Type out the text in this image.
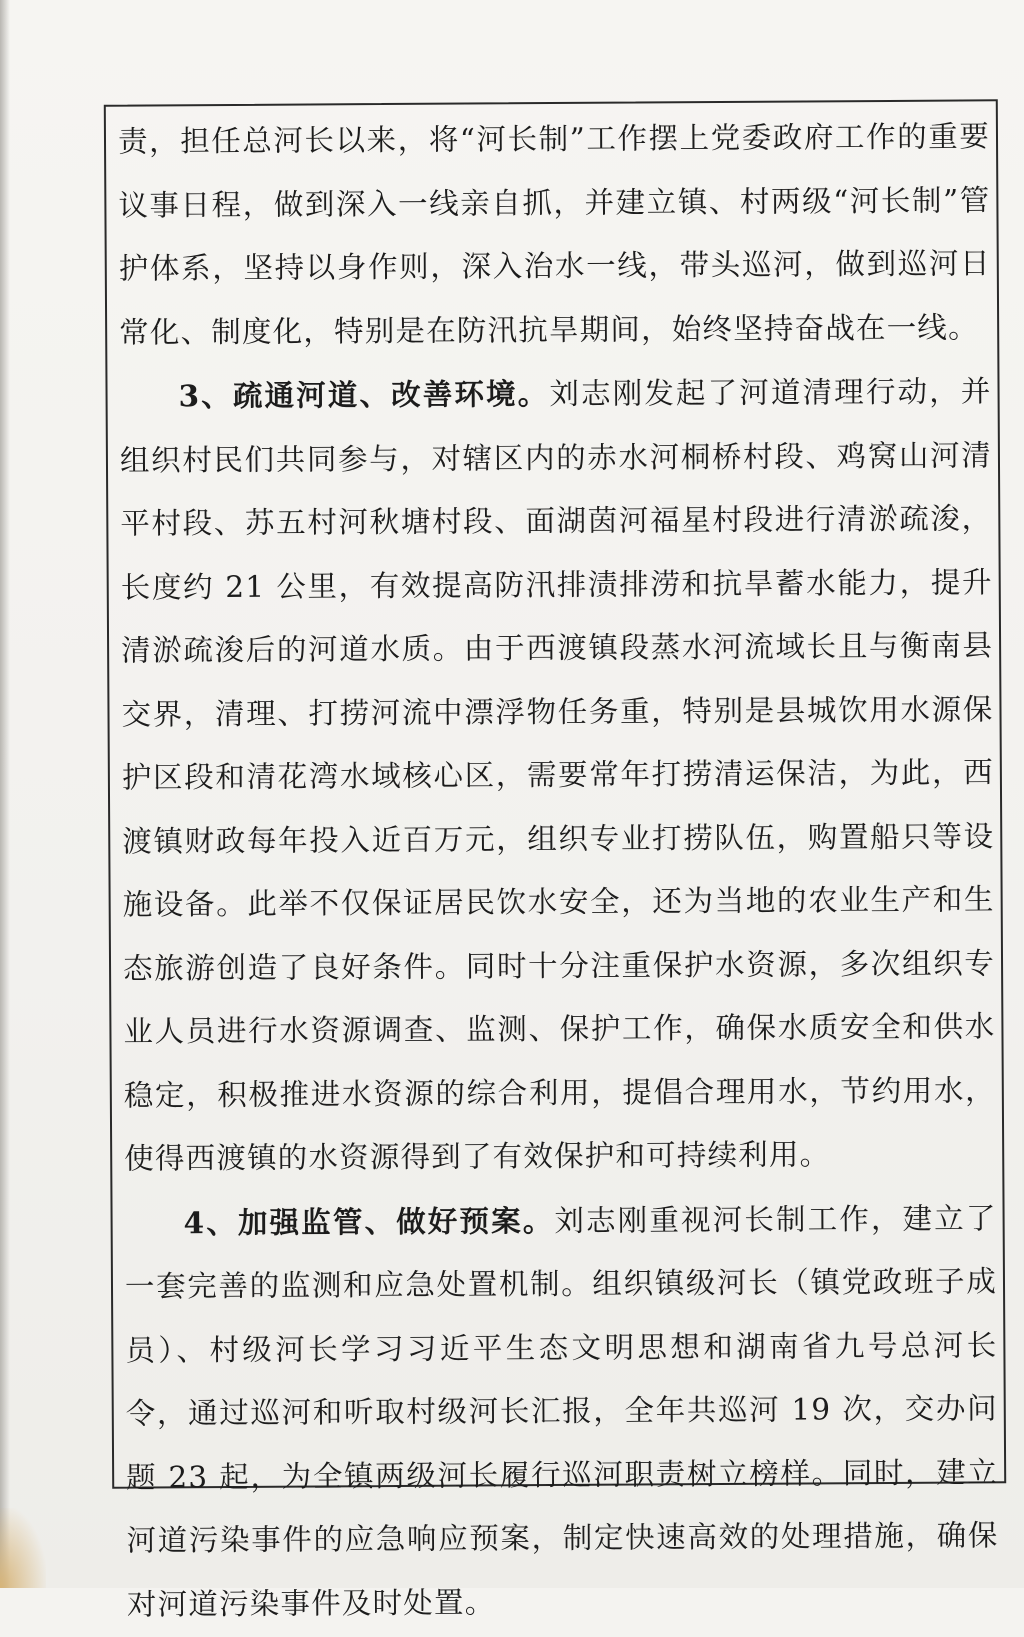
责，担任总河长以来，将“河长制”工作摆上党委政府工作的重要议事日程，做到深入一线亲自抓，并建立镇、村两级“河长制”管护体系，坚持以身作则，深入治水一线，带头巡河，做到巡河日常化、制度化，特别是在防汛抗旱期间，始终坚持奋战在一线。

3、疏通河道、改善环境。刘志刚发起了河道清理行动，并组织村民们共同参与，对辖区内的赤水河桐桥村段、鸡窝山河清平村段、苏五村河秋塘村段、面湖茵河福星村段进行清淤疏浚，长度约 21 公里，有效提高防汛排渍排涝和抗旱蓄水能力，提升清淤疏浚后的河道水质。由于西渡镇段蒸水河流域长且与衡南县交界，清理、打捞河流中漂浮物任务重，特别是县城饮用水源保护区段和清花湾水域核心区，需要常年打捞清运保洁，为此，西渡镇财政每年投入近百万元，组织专业打捞队伍，购置船只等设施设备。此举不仅保证居民饮水安全，还为当地的农业生产和生态旅游创造了良好条件。同时十分注重保护水资源，多次组织专业人员进行水资源调查、监测、保护工作，确保水质安全和供水稳定，积极推进水资源的综合利用，提倡合理用水，节约用水，使得西渡镇的水资源得到了有效保护和可持续利用。

4、加强监管、做好预案。刘志刚重视河长制工作，建立了一套完善的监测和应急处置机制。组织镇级河长（镇党政班子成员）、村级河长学习习近平生态文明思想和湖南省九号总河长令，通过巡河和听取村级河长汇报，全年共巡河 19 次，交办问题 23 起，为全镇两级河长履行巡河职责树立榜样。同时，建立河道污染事件的应急响应预案，制定快速高效的处理措施，确保对河道污染事件及时处置。
